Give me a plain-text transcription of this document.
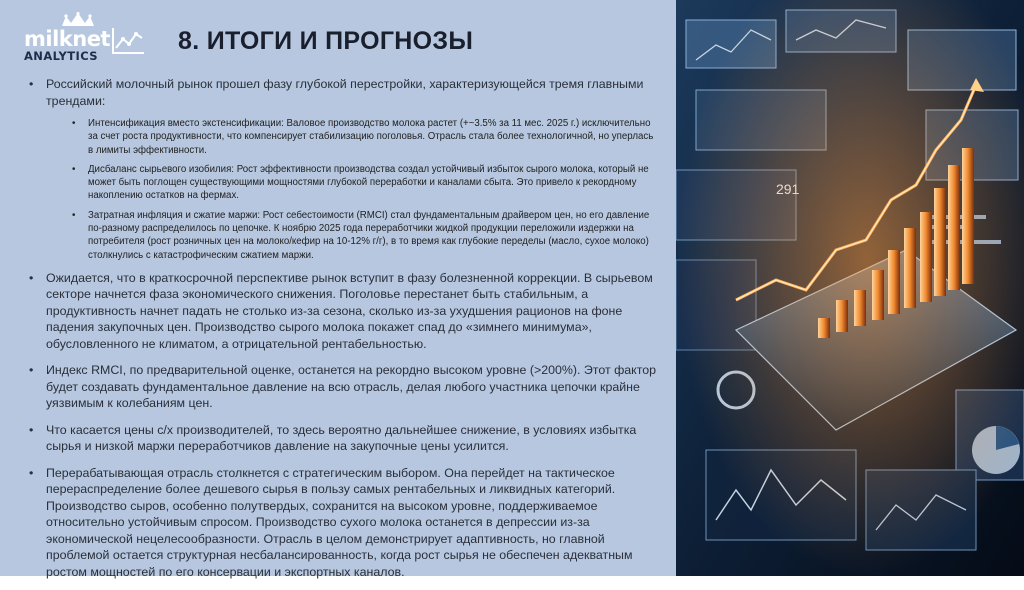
milknet
ANALYTICS
8. ИТОГИ И ПРОГНОЗЫ
• Российский молочный рынок прошел фазу глубокой перестройки, характеризующейся тремя главными трендами:
• Интенсификация вместо экстенсификации: Валовое производство молока растет (+~3.5% за 11 мес. 2025 г.) исключительно за счет роста продуктивности, что компенсирует стабилизацию поголовья. Отрасль стала более технологичной, но уперлась в лимиты эффективности.
• Дисбаланс сырьевого изобилия: Рост эффективности производства создал устойчивый избыток сырого молока, который не может быть поглощен существующими мощностями глубокой переработки и каналами сбыта. Это привело к рекордному накоплению остатков на фермах.
• Затратная инфляция и сжатие маржи: Рост себестоимости (RMCI) стал фундаментальным драйвером цен, но его давление по-разному распределилось по цепочке. К ноябрю 2025 года переработчики жидкой продукции переложили издержки на потребителя (рост розничных цен на молоко/кефир на 10-12% г/г), в то время как глубокие переделы (масло, сухое молоко) столкнулись с катастрофическим сжатием маржи.
• Ожидается, что в краткосрочной перспективе рынок вступит в фазу болезненной коррекции. В сырьевом секторе начнется фаза экономического снижения. Поголовье перестанет быть стабильным, а продуктивность начнет падать не столько из-за сезона, сколько из-за ухудшения рационов на фоне падения закупочных цен. Производство сырого молока покажет спад до «зимнего минимума», обусловленного не климатом, а отрицательной рентабельностью.
• Индекс RMCI, по предварительной оценке, останется на рекордно высоком уровне (>200%). Этот фактор будет создавать фундаментальное давление на всю отрасль, делая любого участника цепочки крайне уязвимым к колебаниям цен.
• Что касается цены с/х производителей, то здесь вероятно дальнейшее снижение, в условиях избытка сырья и низкой маржи переработчиков давление на закупочные цены усилится.
• Перерабатывающая отрасль столкнется с стратегическим выбором. Она перейдет на тактическое перераспределение более дешевого сырья в пользу самых рентабельных и ликвидных категорий. Производство сыров, особенно полутвердых, сохранится на высоком уровне, поддерживаемое относительно устойчивым спросом. Производство сухого молока останется в депрессии из-за экономической нецелесообразности. Отрасль в целом демонстрирует адаптивность, но главной проблемой остается структурная несбалансированность, когда рост сырья не обеспечен адекватным ростом мощностей по его консервации и экспортных каналов.
